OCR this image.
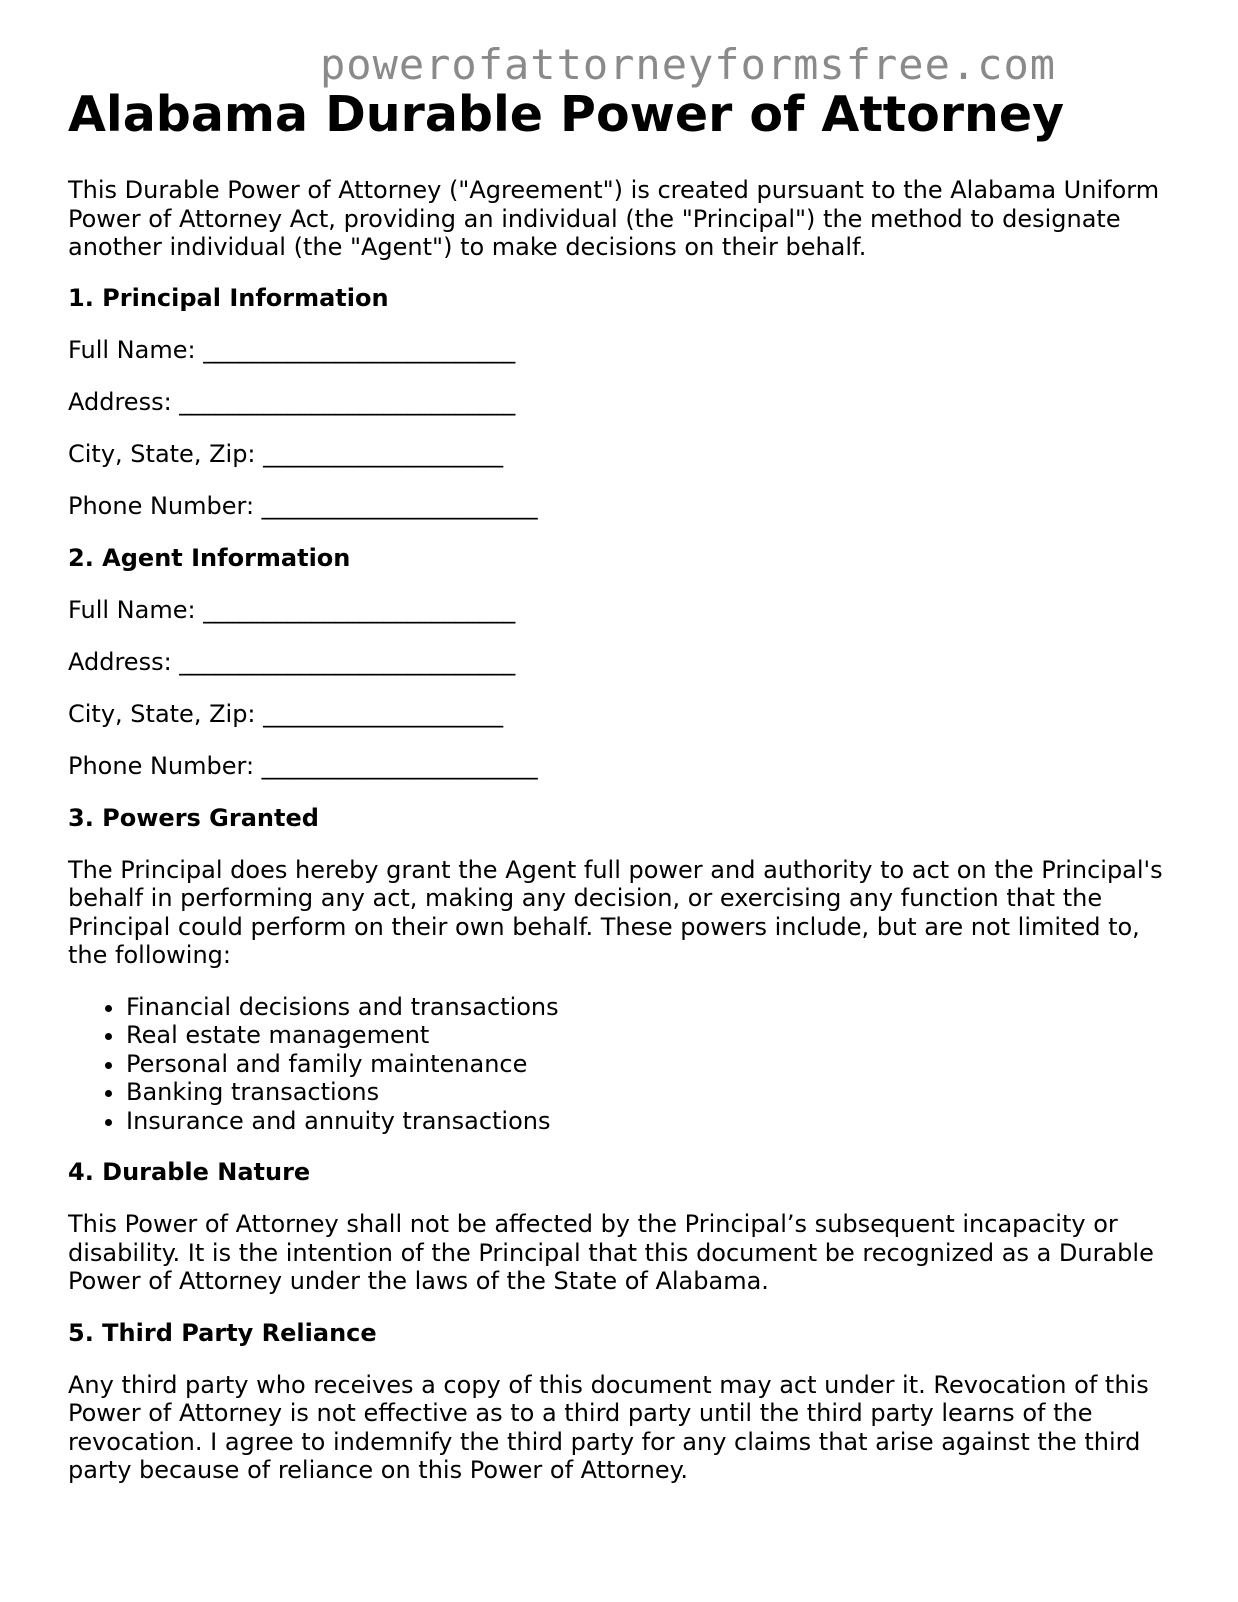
powerofattorneyformsfree.com
Alabama Durable Power of Attorney

This Durable Power of Attorney ("Agreement") is created pursuant to the Alabama Uniform Power of Attorney Act, providing an individual (the "Principal") the method to designate another individual (the "Agent") to make decisions on their behalf.

1. Principal Information
Full Name: __________________________
Address: ____________________________
City, State, Zip: ____________________
Phone Number: _______________________
2. Agent Information
Full Name: __________________________
Address: ____________________________
City, State, Zip: ____________________
Phone Number: _______________________
3. Powers Granted

The Principal does hereby grant the Agent full power and authority to act on the Principal's behalf in performing any act, making any decision, or exercising any function that the Principal could perform on their own behalf. These powers include, but are not limited to, the following:

• Financial decisions and transactions
• Real estate management
• Personal and family maintenance
• Banking transactions
• Insurance and annuity transactions
4. Durable Nature

This Power of Attorney shall not be affected by the Principal’s subsequent incapacity or disability. It is the intention of the Principal that this document be recognized as a Durable Power of Attorney under the laws of the State of Alabama.

5. Third Party Reliance

Any third party who receives a copy of this document may act under it. Revocation of this Power of Attorney is not effective as to a third party until the third party learns of the revocation. I agree to indemnify the third party for any claims that arise against the third party because of reliance on this Power of Attorney.
